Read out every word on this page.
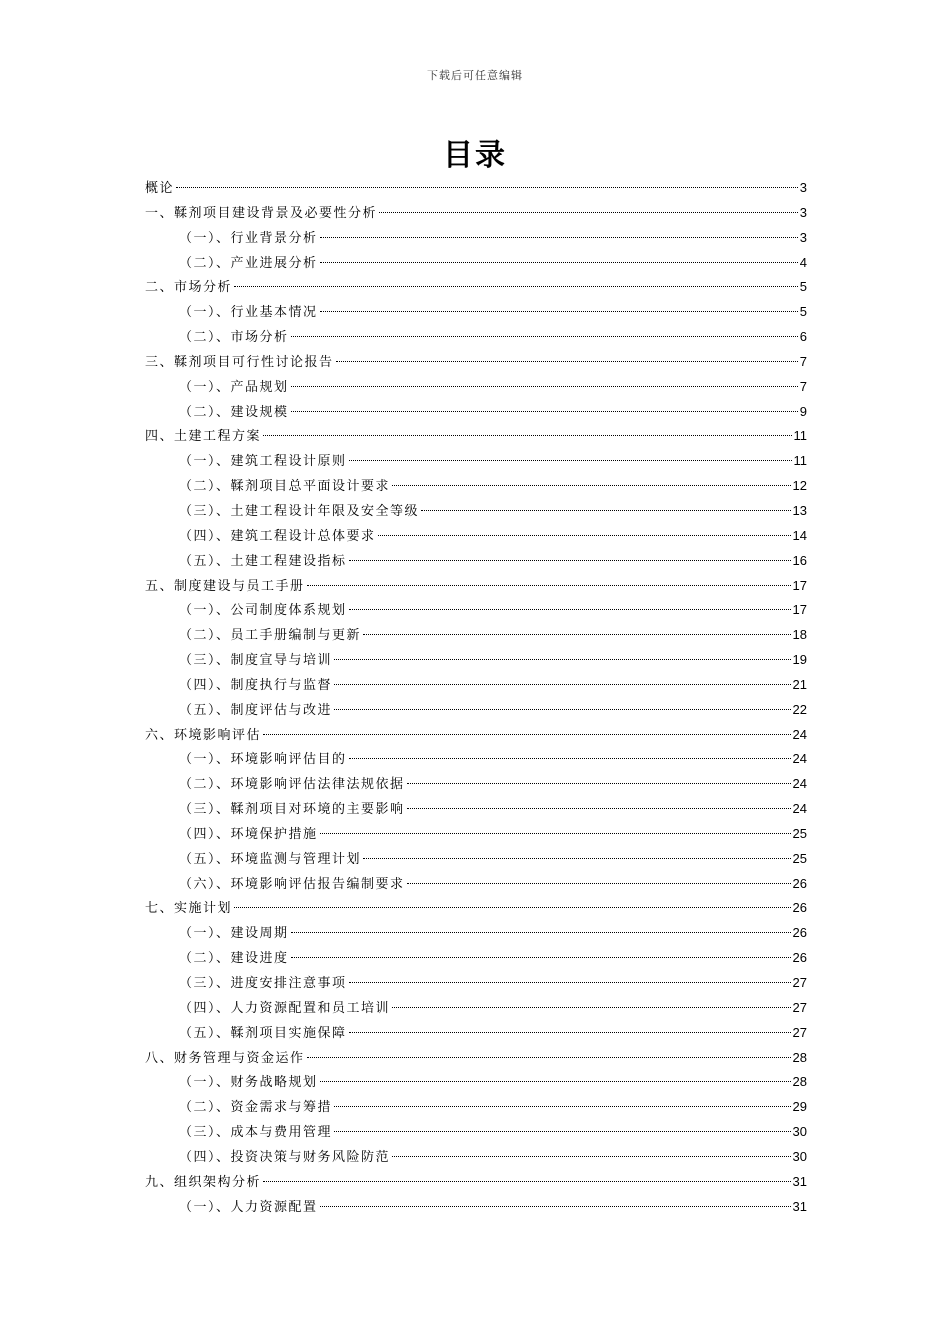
下载后可任意编辑
目录
概论	3
一、鞣剂项目建设背景及必要性分析	3
（一）、行业背景分析	3
（二）、产业进展分析	4
二、市场分析	5
（一）、行业基本情况	5
（二）、市场分析	6
三、鞣剂项目可行性讨论报告	7
（一）、产品规划	7
（二）、建设规模	9
四、土建工程方案	11
（一）、建筑工程设计原则	11
（二）、鞣剂项目总平面设计要求	12
（三）、土建工程设计年限及安全等级	13
（四）、建筑工程设计总体要求	14
（五）、土建工程建设指标	16
五、制度建设与员工手册	17
（一）、公司制度体系规划	17
（二）、员工手册编制与更新	18
（三）、制度宣导与培训	19
（四）、制度执行与监督	21
（五）、制度评估与改进	22
六、环境影响评估	24
（一）、环境影响评估目的	24
（二）、环境影响评估法律法规依据	24
（三）、鞣剂项目对环境的主要影响	24
（四）、环境保护措施	25
（五）、环境监测与管理计划	25
（六）、环境影响评估报告编制要求	26
七、实施计划	26
（一）、建设周期	26
（二）、建设进度	26
（三）、进度安排注意事项	27
（四）、人力资源配置和员工培训	27
（五）、鞣剂项目实施保障	27
八、财务管理与资金运作	28
（一）、财务战略规划	28
（二）、资金需求与筹措	29
（三）、成本与费用管理	30
（四）、投资决策与财务风险防范	30
九、组织架构分析	31
（一）、人力资源配置	31
